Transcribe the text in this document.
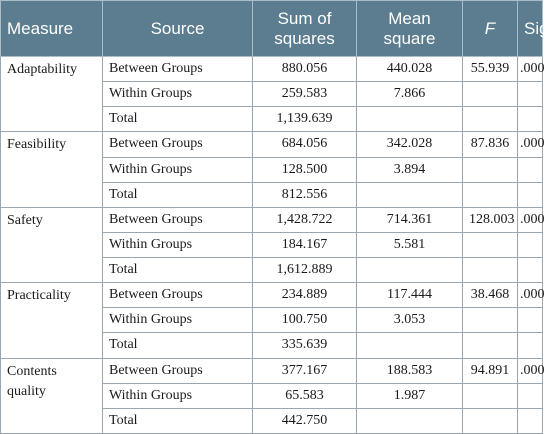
Measure	Source	Sum of squares	Mean square	F	Sig.
Adaptability	Between Groups	880.056	440.028	55.939	.000
	Within Groups	259.583	7.866		
	Total	1,139.639			
Feasibility	Between Groups	684.056	342.028	87.836	.000
	Within Groups	128.500	3.894		
	Total	812.556			
Safety	Between Groups	1,428.722	714.361	128.003	.000
	Within Groups	184.167	5.581		
	Total	1,612.889			
Practicality	Between Groups	234.889	117.444	38.468	.000
	Within Groups	100.750	3.053		
	Total	335.639			
Contents quality	Between Groups	377.167	188.583	94.891	.000
	Within Groups	65.583	1.987		
	Total	442.750			
